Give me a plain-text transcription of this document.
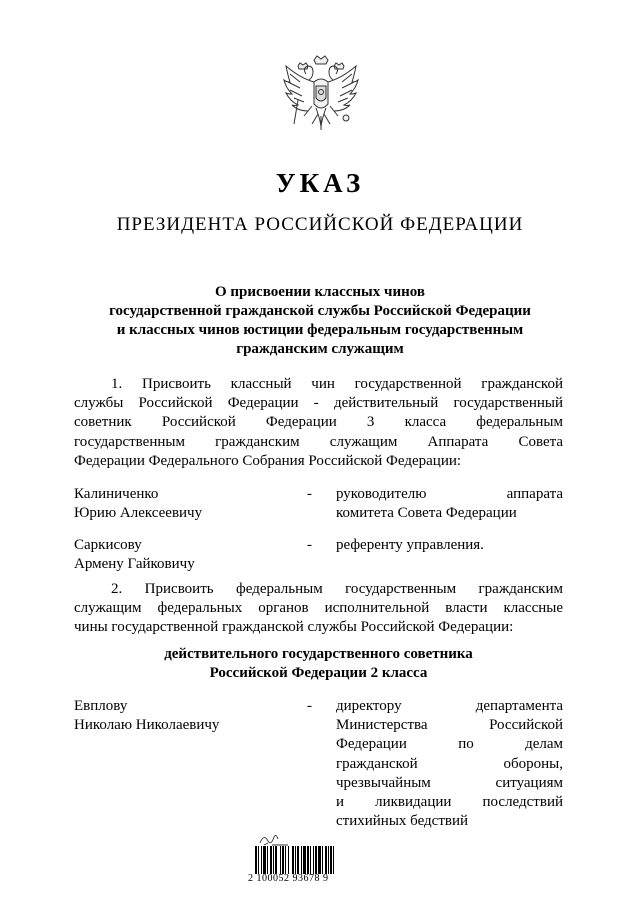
УКАЗ
ПРЕЗИДЕНТА РОССИЙСКОЙ ФЕДЕРАЦИИ
О присвоении классных чинов
государственной гражданской службы Российской Федерации
и классных чинов юстиции федеральным государственным
гражданским служащим
1. Присвоить классный чин государственной гражданской
службы Российской Федерации - действительный государственный
советник Российской Федерации 3 класса федеральным
государственным гражданским служащим Аппарата Совета
Федерации Федерального Собрания Российской Федерации:
Калиниченко
Юрию Алексеевичу
- руководителю аппарата
комитета Совета Федерации
Саркисову
Армену Гайковичу
- референту управления.
2. Присвоить федеральным государственным гражданским
служащим федеральных органов исполнительной власти классные
чины государственной гражданской службы Российской Федерации:
действительного государственного советника
Российской Федерации 2 класса
Евплову
Николаю Николаевичу
- директору департамента
Министерства Российской
Федерации по делам
гражданской обороны,
чрезвычайным ситуациям
и ликвидации последствий
стихийных бедствий
2 100052 93678 9
